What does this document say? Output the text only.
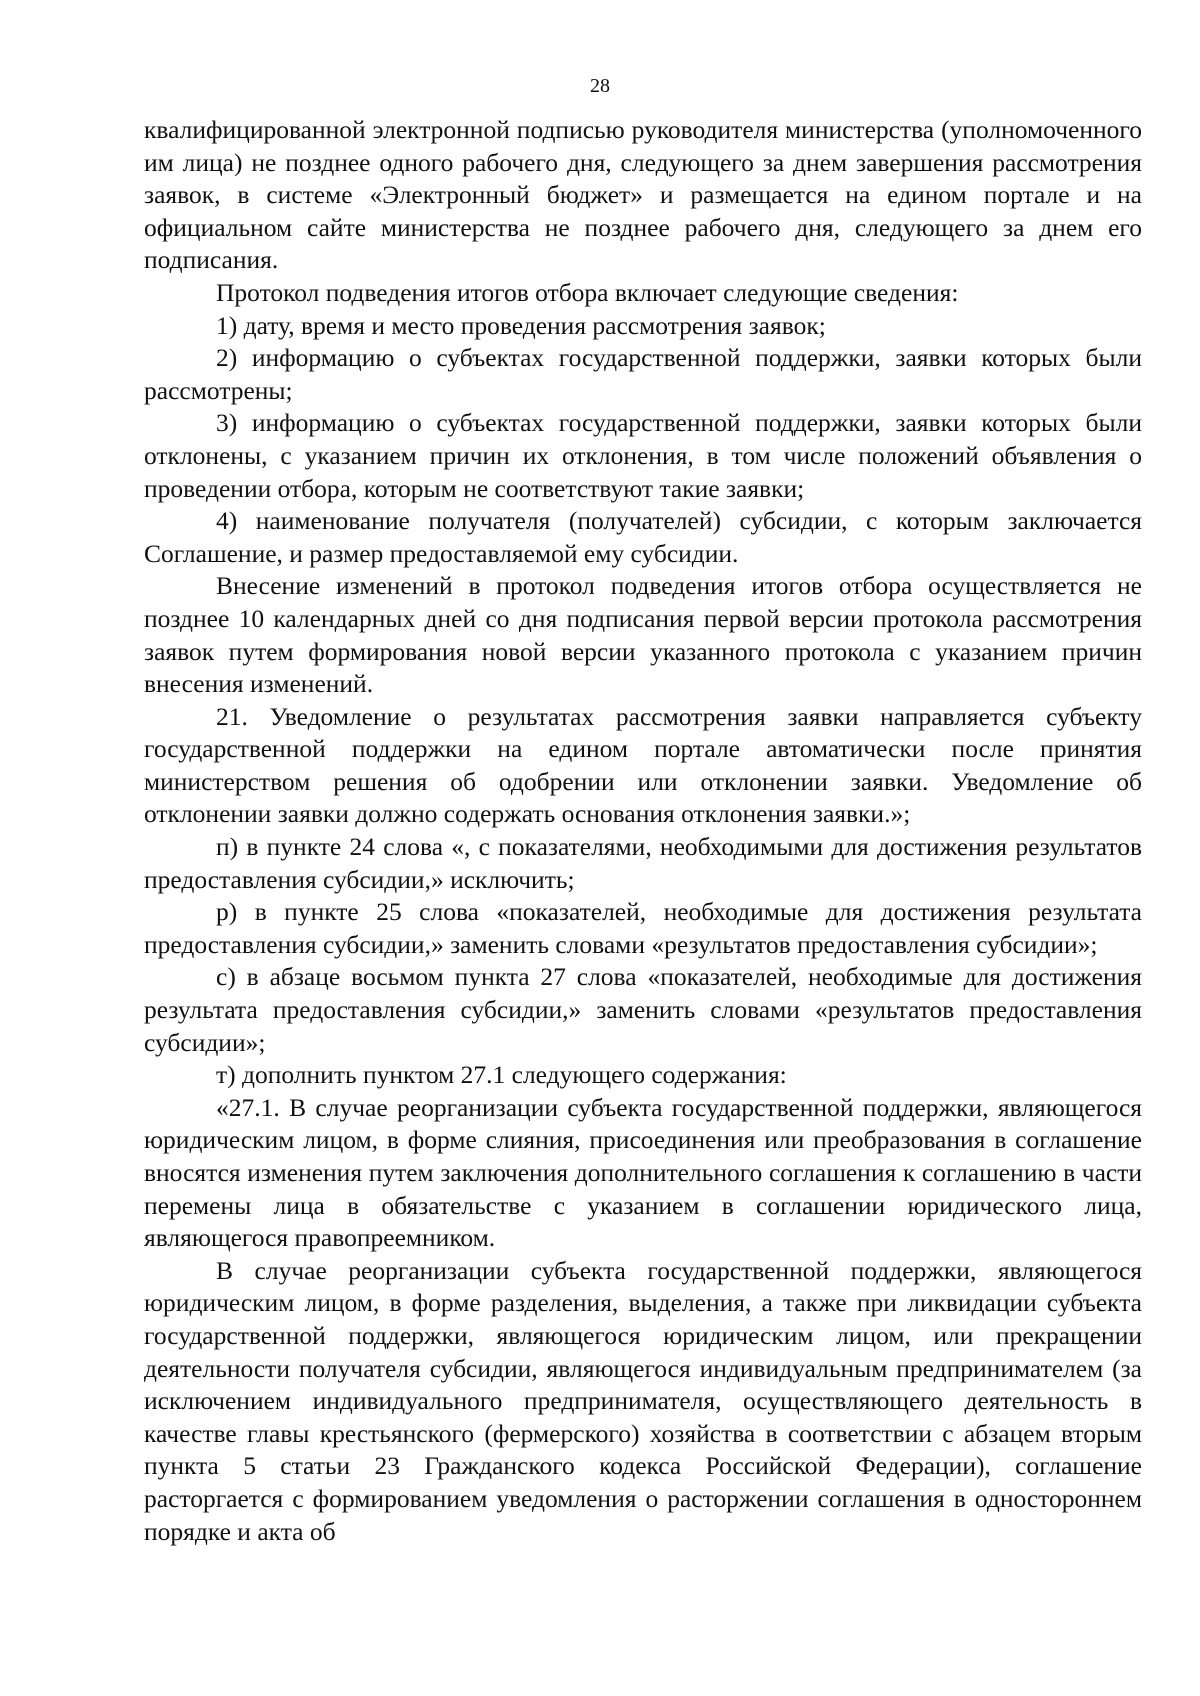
28

квалифицированной электронной подписью руководителя министерства (уполномоченного им лица) не позднее одного рабочего дня, следующего за днем завершения рассмотрения заявок, в системе «Электронный бюджет» и размещается на едином портале и на официальном сайте министерства не позднее рабочего дня, следующего за днем его подписания.

Протокол подведения итогов отбора включает следующие сведения:

1) дату, время и место проведения рассмотрения заявок;

2) информацию о субъектах государственной поддержки, заявки которых были рассмотрены;

3) информацию о субъектах государственной поддержки, заявки которых были отклонены, с указанием причин их отклонения, в том числе положений объявления о проведении отбора, которым не соответствуют такие заявки;

4) наименование получателя (получателей) субсидии, с которым заключается Соглашение, и размер предоставляемой ему субсидии.

Внесение изменений в протокол подведения итогов отбора осуществляется не позднее 10 календарных дней со дня подписания первой версии протокола рассмотрения заявок путем формирования новой версии указанного протокола с указанием причин внесения изменений.

21. Уведомление о результатах рассмотрения заявки направляется субъекту государственной поддержки на едином портале автоматически после принятия министерством решения об одобрении или отклонении заявки. Уведомление об отклонении заявки должно содержать основания отклонения заявки.»;

п) в пункте 24 слова «, с показателями, необходимыми для достижения результатов предоставления субсидии,» исключить;

р) в пункте 25 слова «показателей, необходимые для достижения результата предоставления субсидии,» заменить словами «результатов предоставления субсидии»;

с) в абзаце восьмом пункта 27 слова «показателей, необходимые для достижения результата предоставления субсидии,» заменить словами «результатов предоставления субсидии»;

т) дополнить пунктом 27.1 следующего содержания:

«27.1. В случае реорганизации субъекта государственной поддержки, являющегося юридическим лицом, в форме слияния, присоединения или преобразования в соглашение вносятся изменения путем заключения дополнительного соглашения к соглашению в части перемены лица в обязательстве с указанием в соглашении юридического лица, являющегося правопреемником.

В случае реорганизации субъекта государственной поддержки, являющегося юридическим лицом, в форме разделения, выделения, а также при ликвидации субъекта государственной поддержки, являющегося юридическим лицом, или прекращении деятельности получателя субсидии, являющегося индивидуальным предпринимателем (за исключением индивидуального предпринимателя, осуществляющего деятельность в качестве главы крестьянского (фермерского) хозяйства в соответствии с абзацем вторым пункта 5 статьи 23 Гражданского кодекса Российской Федерации), соглашение расторгается с формированием уведомления о расторжении соглашения в одностороннем порядке и акта об
